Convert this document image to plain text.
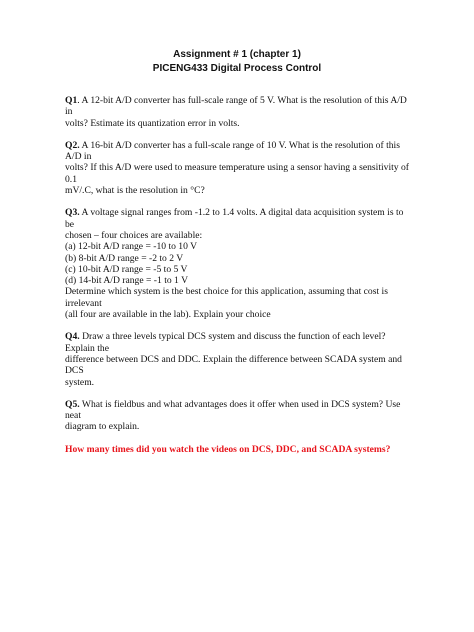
Assignment # 1 (chapter 1)
PICENG433 Digital Process Control
Q1. A 12-bit A/D converter has full-scale range of 5 V. What is the resolution of this A/D in
volts? Estimate its quantization error in volts.
Q2. A 16-bit A/D converter has a full-scale range of 10 V. What is the resolution of this A/D in
volts? If this A/D were used to measure temperature using a sensor having a sensitivity of 0.1
mV/.C, what is the resolution in °C?
Q3. A voltage signal ranges from -1.2 to 1.4 volts. A digital data acquisition system is to be
chosen – four choices are available:
(a) 12-bit A/D range = -10 to 10 V
(b) 8-bit A/D range = -2 to 2 V
(c) 10-bit A/D range = -5 to 5 V
(d) 14-bit A/D range = -1 to 1 V
Determine which system is the best choice for this application, assuming that cost is irrelevant
(all four are available in the lab). Explain your choice
Q4. Draw a three levels typical DCS system and discuss the function of each level? Explain the
difference between DCS and DDC. Explain the difference between SCADA system and DCS
system.
Q5. What is fieldbus and what advantages does it offer when used in DCS system? Use neat
diagram to explain.
How many times did you watch the videos on DCS, DDC, and SCADA systems?
